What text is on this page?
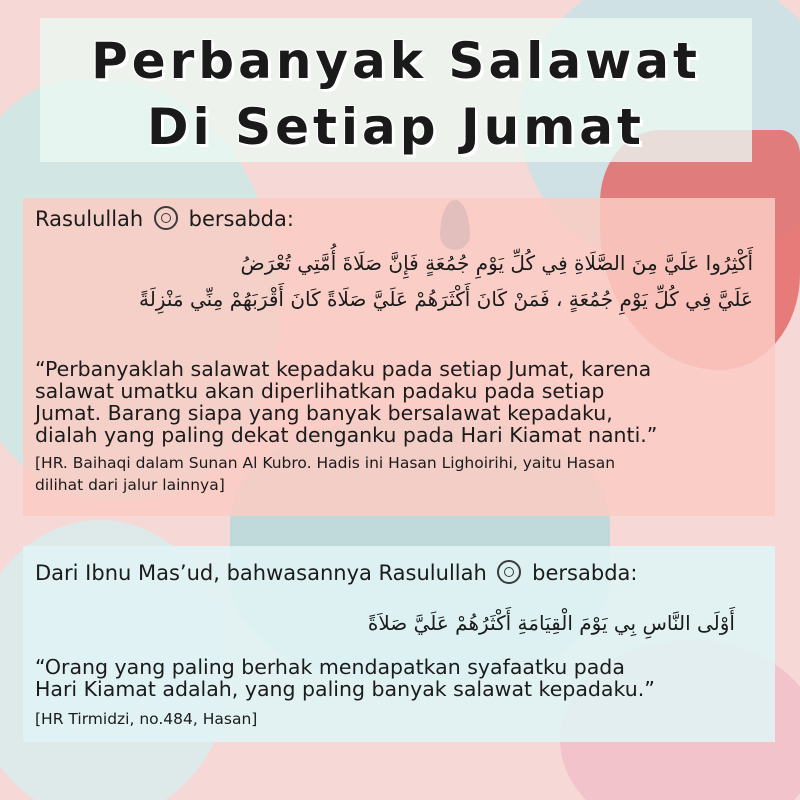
Perbanyak Salawat
Di Setiap Jumat
Rasulullah bersabda:
أَكْثِرُوا عَلَيَّ مِنَ الصَّلَاةِ فِي كُلِّ يَوْمِ جُمُعَةٍ فَإِنَّ صَلَاةَ أُمَّتِي تُعْرَضُ
عَلَيَّ فِي كُلِّ يَوْمِ جُمُعَةٍ ، فَمَنْ كَانَ أَكْثَرَهُمْ عَلَيَّ صَلَاةً كَانَ أَقْرَبَهُمْ مِنِّي مَنْزِلَةً
“Perbanyaklah salawat kepadaku pada setiap Jumat, karena
salawat umatku akan diperlihatkan padaku pada setiap
Jumat. Barang siapa yang banyak bersalawat kepadaku,
dialah yang paling dekat denganku pada Hari Kiamat nanti.”
[HR. Baihaqi dalam Sunan Al Kubro. Hadis ini Hasan Lighoirihi, yaitu Hasan
dilihat dari jalur lainnya]
Dari Ibnu Mas’ud, bahwasannya Rasulullah bersabda:
أَوْلَى النَّاسِ بِي يَوْمَ الْقِيَامَةِ أَكْثَرُهُمْ عَلَيَّ صَلاَةً
“Orang yang paling berhak mendapatkan syafaatku pada
Hari Kiamat adalah, yang paling banyak salawat kepadaku.”
[HR Tirmidzi, no.484, Hasan]
